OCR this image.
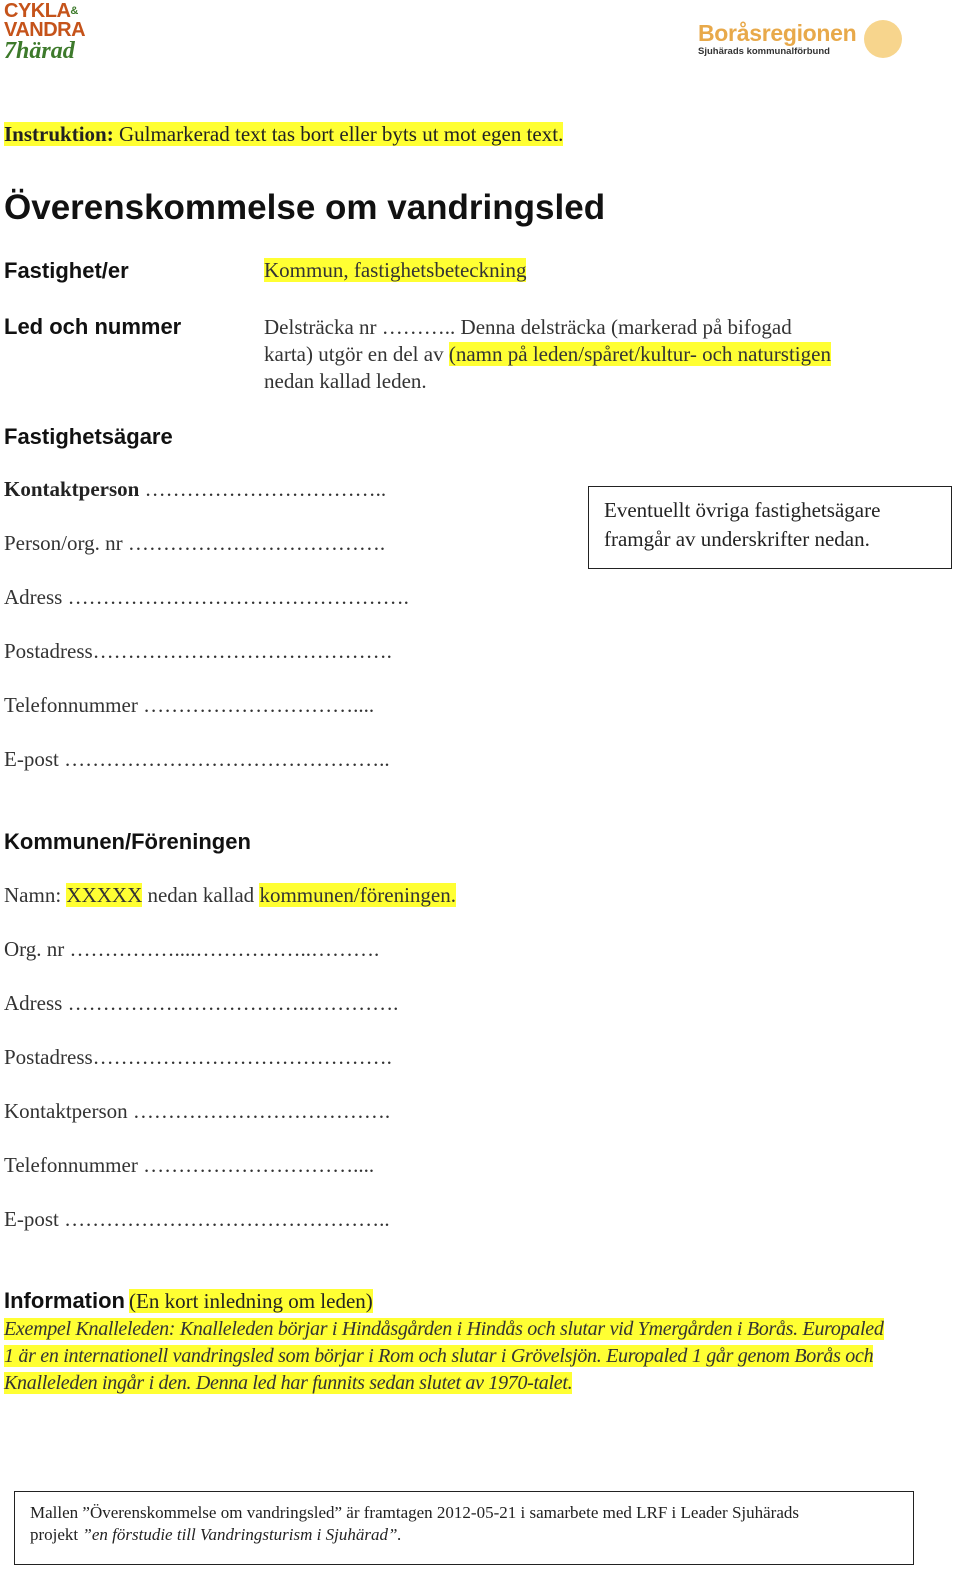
CYKLA&
VANDRA
7härad
Boråsregionen
Sjuhärads kommunalförbund
Instruktion: Gulmarkerad text tas bort eller byts ut mot egen text.
Överenskommelse om vandringsled
Fastighet/er	Kommun, fastighetsbeteckning
Led och nummer	Delsträcka nr ……….. Denna delsträcka (markerad på bifogad
karta) utgör en del av (namn på leden/spåret/kultur- och naturstigen
nedan kallad leden.
Fastighetsägare
Kontaktperson ……………………………..
Person/org. nr ……………………………….
Adress ………………………………………….
Postadress…………………………………….
Telefonnummer …………………………....
E-post ………………………………………..
Eventuellt övriga fastighetsägare
framgår av underskrifter nedan.
Kommunen/Föreningen
Namn: XXXXX nedan kallad kommunen/föreningen.
Org. nr ……………....……………..……….
Adress ……………………………..………….
Postadress…………………………………….
Kontaktperson ……………………………….
Telefonnummer …………………………....
E-post ………………………………………..
Information (En kort inledning om leden)
Exempel Knalleleden: Knalleleden börjar i Hindåsgården i Hindås och slutar vid Ymergården i Borås. Europaled
1 är en internationell vandringsled som börjar i Rom och slutar i Grövelsjön. Europaled 1 går genom Borås och
Knalleleden ingår i den. Denna led har funnits sedan slutet av 1970-talet.
Mallen ”Överenskommelse om vandringsled” är framtagen 2012-05-21 i samarbete med LRF i Leader Sjuhärads
projekt ”en förstudie till Vandringsturism i Sjuhärad”.
